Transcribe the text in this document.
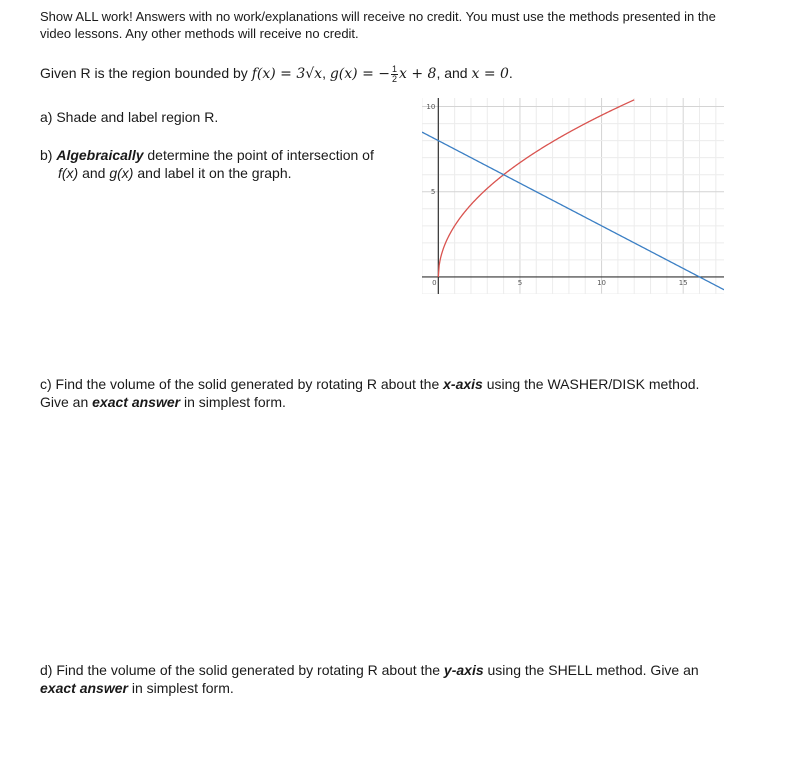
Show ALL work! Answers with no work/explanations will receive no credit. You must use the methods presented in the
video lessons. Any other methods will receive no credit.
Given R is the region bounded by f(x) = 3√x, g(x) = − $\frac{1}{2}$ x + 8, and x = 0.
a) Shade and label region R.
b) Algebraically determine the point of intersection of
f(x) and g(x) and label it on the graph.
0	5	10	15
5
10
c) Find the volume of the solid generated by rotating R about the x-axis using the WASHER/DISK method.
Give an exact answer in simplest form.
d) Find the volume of the solid generated by rotating R about the y-axis using the SHELL method. Give an
exact answer in simplest form.
